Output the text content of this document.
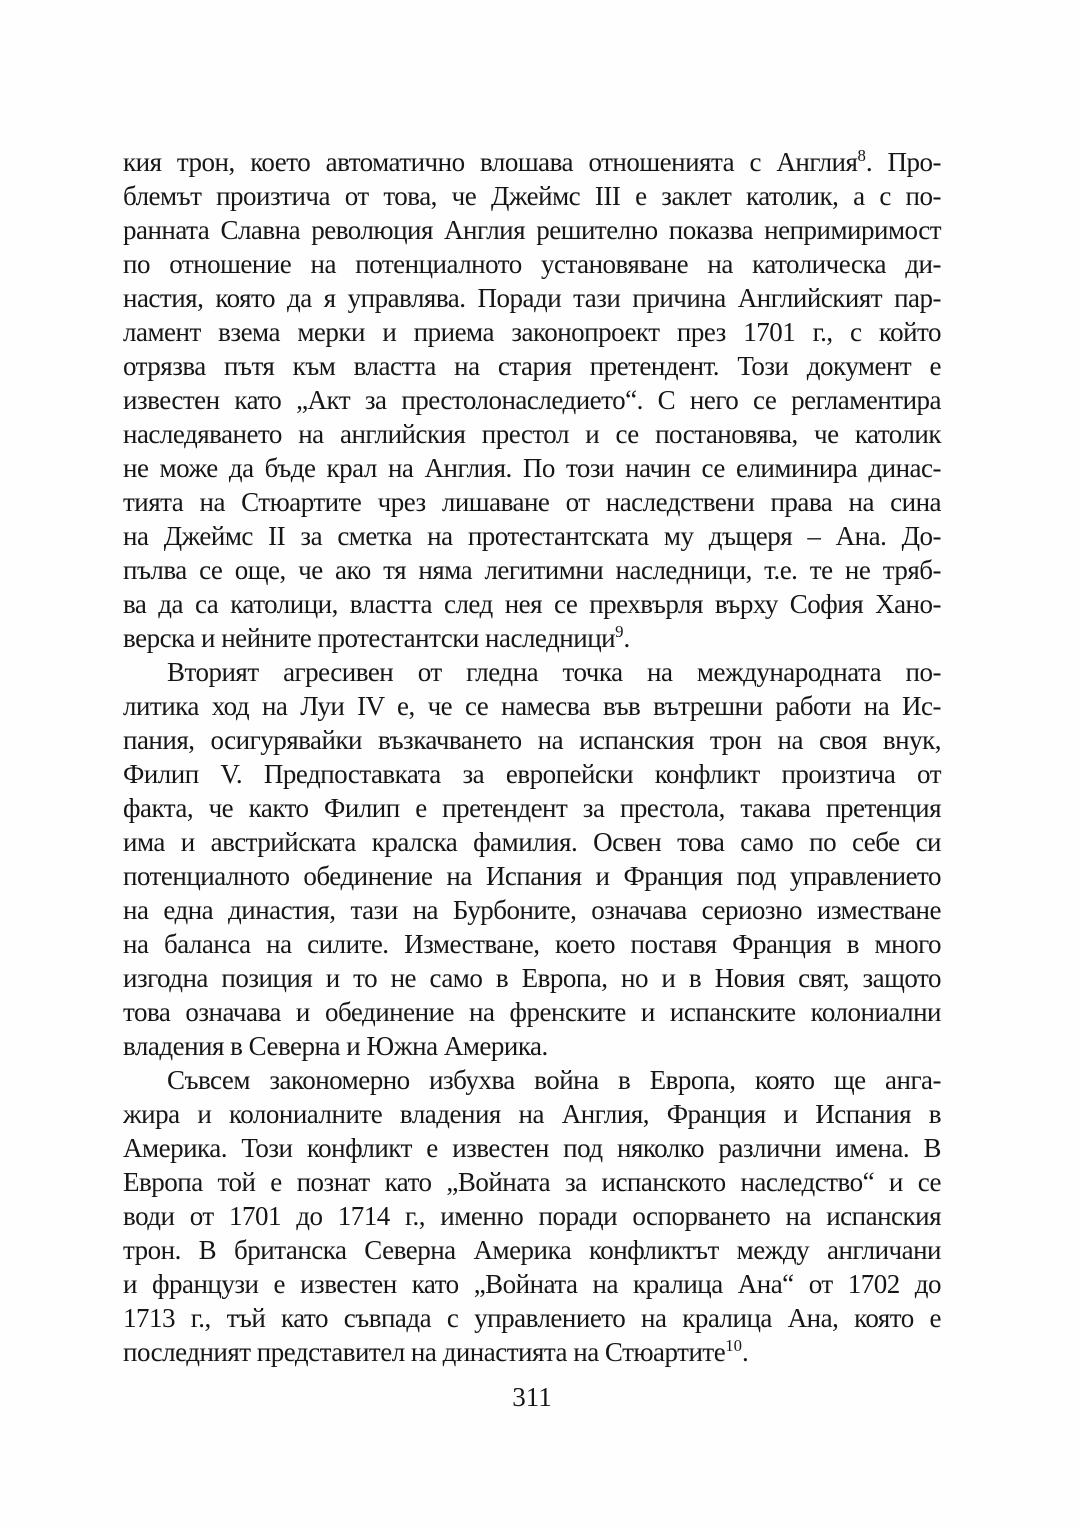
кия трон, което автоматично влошава отношенията с Англия$^8$. Про-
блемът произтича от това, че Джеймс III е заклет католик, а с по-
ранната Славна революция Англия решително показва непримиримост
по отношение на потенциалното установяване на католическа ди-
настия, която да я управлява. Поради тази причина Английският пар-
ламент взема мерки и приема законопроект през 1701 г., с който
отрязва пътя към властта на стария претендент. Този документ е
известен като „Акт за престолонаследието“. С него се регламентира
наследяването на английския престол и се постановява, че католик
не може да бъде крал на Англия. По този начин се елиминира динас-
тията на Стюартите чрез лишаване от наследствени права на сина
на Джеймс II за сметка на протестантската му дъщеря – Ана. До-
пълва се още, че ако тя няма легитимни наследници, т.е. те не тряб-
ва да са католици, властта след нея се прехвърля върху София Хано-
верска и нейните протестантски наследници$^9$.
Вторият агресивен от гледна точка на международната по-
литика ход на Луи IV е, че се намесва във вътрешни работи на Ис-
пания, осигурявайки възкачването на испанския трон на своя внук,
Филип V. Предпоставката за европейски конфликт произтича от
факта, че както Филип е претендент за престола, такава претенция
има и австрийската кралска фамилия. Освен това само по себе си
потенциалното обединение на Испания и Франция под управлението
на една династия, тази на Бурбоните, означава сериозно изместване
на баланса на силите. Изместване, което поставя Франция в много
изгодна позиция и то не само в Европа, но и в Новия свят, защото
това означава и обединение на френските и испанските колониални
владения в Северна и Южна Америка.
Съвсем закономерно избухва война в Европа, която ще анга-
жира и колониалните владения на Англия, Франция и Испания в
Америка. Този конфликт е известен под няколко различни имена. В
Европа той е познат като „Войната за испанското наследство“ и се
води от 1701 до 1714 г., именно поради оспорването на испанския
трон. В британска Северна Америка конфликтът между англичани
и французи е известен като „Войната на кралица Ана“ от 1702 до
1713 г., тъй като съвпада с управлението на кралица Ана, която е
последният представител на династията на Стюартите$^{10}$.
311
